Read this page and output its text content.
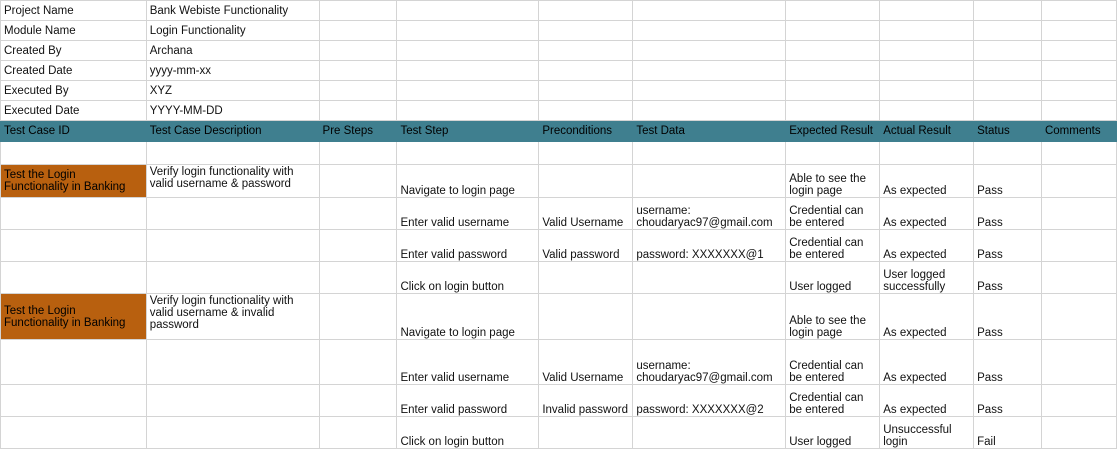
Project Name	Bank Webiste Functionality								
Module Name	Login Functionality								
Created By	Archana								
Created Date	yyyy-mm-xx								
Executed By	XYZ								
Executed Date	YYYY-MM-DD								
Test Case ID	Test Case Description	Pre Steps	Test Step	Preconditions	Test Data	Expected Result	Actual Result	Status	Comments

Test the Login Functionality in Banking	Verify login functionality with valid username & password		Navigate to login page			Able to see the login page	As expected	Pass	
			Enter valid username	Valid Username	username: choudaryac97@gmail.com	Credential can be entered	As expected	Pass	
			Enter valid password	Valid password	password: XXXXXXX@1	Credential can be entered	As expected	Pass	
			Click on login button			User logged	User logged successfully	Pass	
Test the Login Functionality in Banking	Verify login functionality with valid username & invalid password		Navigate to login page			Able to see the login page	As expected	Pass	
			Enter valid username	Valid Username	username: choudaryac97@gmail.com	Credential can be entered	As expected	Pass	
			Enter valid password	Invalid password	password: XXXXXXX@2	Credential can be entered	As expected	Pass	
			Click on login button			User logged	Unsuccessful login	Fail	
